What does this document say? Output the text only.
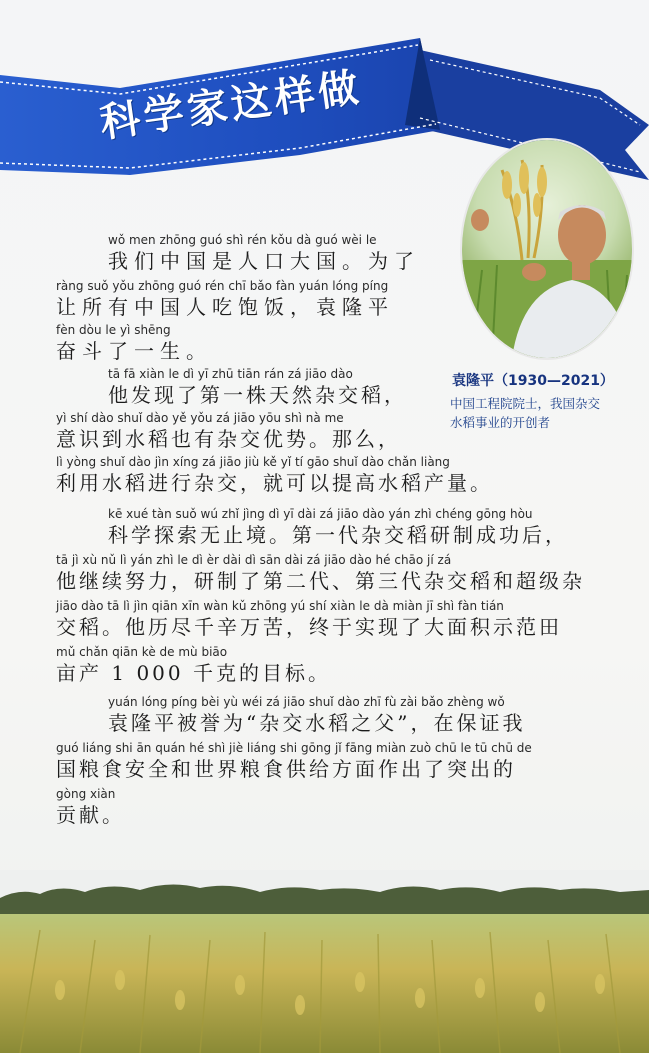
科学家这样做
袁隆平（1930—2021）
中国工程院院士，我国杂交
水稻事业的开创者
wǒ men zhōng guó shì rén kǒu dà guó wèi le
我们中国是人口大国。为了
ràng suǒ yǒu zhōng guó rén chī bǎo fàn yuán lóng píng
让所有中国人吃饱饭，袁隆平
fèn dòu le yì shēng
奋斗了一生。
tā fā xiàn le dì yī zhū tiān rán zá jiāo dào
他发现了第一株天然杂交稻，
yì shí dào shuǐ dào yě yǒu zá jiāo yōu shì nà me
意识到水稻也有杂交优势。那么，
lì yòng shuǐ dào jìn xíng zá jiāo jiù kě yǐ tí gāo shuǐ dào chǎn liàng
利用水稻进行杂交，就可以提高水稻产量。
kē xué tàn suǒ wú zhǐ jìng dì yī dài zá jiāo dào yán zhì chéng gōng hòu
科学探索无止境。第一代杂交稻研制成功后，
tā jì xù nǔ lì yán zhì le dì èr dài dì sān dài zá jiāo dào hé chāo jí zá
他继续努力，研制了第二代、第三代杂交稻和超级杂
jiāo dào tā lì jìn qiān xīn wàn kǔ zhōng yú shí xiàn le dà miàn jī shì fàn tián
交稻。他历尽千辛万苦，终于实现了大面积示范田
mǔ chǎn qiān kè de mù biāo
亩产 1 000 千克的目标。
yuán lóng píng bèi yù wéi zá jiāo shuǐ dào zhī fù zài bǎo zhèng wǒ
袁隆平被誉为“杂交水稻之父”，在保证我
guó liáng shi ān quán hé shì jiè liáng shi gōng jǐ fāng miàn zuò chū le tū chū de
国粮食安全和世界粮食供给方面作出了突出的
gòng xiàn
贡献。
